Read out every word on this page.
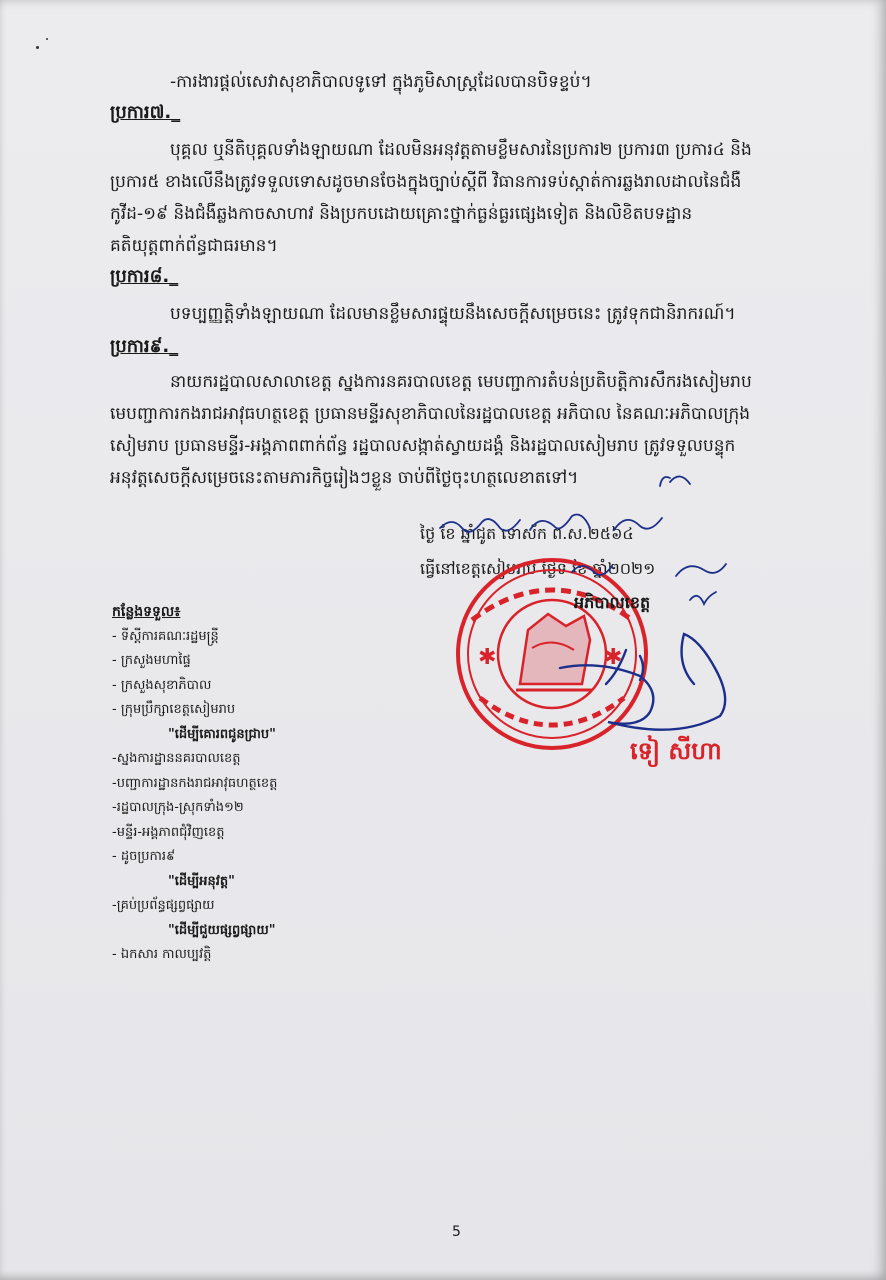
-ការងារផ្តល់សេវាសុខាភិបាលទូទៅ ក្នុងភូមិសាស្ត្រដែលបានបិទខ្ទប់។
ប្រការ៧._
បុគ្គល ឬនីតិបុគ្គលទាំងឡាយណា ដែលមិនអនុវត្តតាមខ្លឹមសារនៃប្រការ២ ប្រការ៣ ប្រការ៤ និង
ប្រការ៥ ខាងលើនឹងត្រូវទទួលទោសដូចមានចែងក្នុងច្បាប់ស្តីពី វិធានការទប់ស្កាត់ការឆ្លងរាលដាលនៃជំងឺ
កូវីដ-១៩ និងជំងឺឆ្លងកាចសាហាវ និងប្រកបដោយគ្រោះថ្នាក់ធ្ងន់ធ្ងរផ្សេងទៀត និងលិខិតបទដ្ឋាន
គតិយុត្តពាក់ព័ន្ធជាធរមាន។
ប្រការ៨._
បទប្បញ្ញត្តិទាំងឡាយណា ដែលមានខ្លឹមសារផ្ទុយនឹងសេចក្តីសម្រេចនេះ ត្រូវទុកជានិរាករណ៍។
ប្រការ៩._
នាយករដ្ឋបាលសាលាខេត្ត ស្នងការនគរបាលខេត្ត មេបញ្ជាការតំបន់ប្រតិបត្តិការសឹករងសៀមរាប
មេបញ្ជាការកងរាជអាវុធហត្ថខេត្ត ប្រធានមន្ទីរសុខាភិបាលនៃរដ្ឋបាលខេត្ត អភិបាល នៃគណៈអភិបាលក្រុង
សៀមរាប ប្រធានមន្ទីរ-អង្គភាពពាក់ព័ន្ធ រដ្ឋបាលសង្កាត់ស្វាយដង្គំ និងរដ្ឋបាលសៀមរាប ត្រូវទទួលបន្ទុក
អនុវត្តសេចក្តីសម្រេចនេះតាមភារកិច្ចរៀងៗខ្លួន ចាប់ពីថ្ងៃចុះហត្ថលេខាតទៅ។
ថ្ងៃ ខែ ឆ្នាំជូត ទោស័ក ព.ស.២៥៦៤
ធ្វើនៅខេត្តសៀមរាប ថ្ងៃទី ខែ ឆ្នាំ២០២១
កន្លែងទទួល៖
- ទីស្តីការគណៈរដ្ឋមន្ត្រី
- ក្រសួងមហាផ្ទៃ
- ក្រសួងសុខាភិបាល
- ក្រុមប្រឹក្សាខេត្តសៀមរាប
"ដើម្បីគោរពជូនជ្រាប"
-ស្នងការដ្ឋាននគរបាលខេត្ត
-បញ្ជាការដ្ឋានកងរាជអាវុធហត្ថខេត្ត
-រដ្ឋបាលក្រុង-ស្រុកទាំង១២
-មន្ទីរ-អង្គភាពជុំវិញខេត្ត
- ដូចប្រការ៩
"ដើម្បីអនុវត្ត"
-គ្រប់ប្រព័ន្ធផ្សព្វផ្សាយ
"ដើម្បីជួយផ្សព្វផ្សាយ"
- ឯកសារ កាលប្បវត្តិ
✱	✱
អភិបាលខេត្ត
ទៀ សីហា
5
